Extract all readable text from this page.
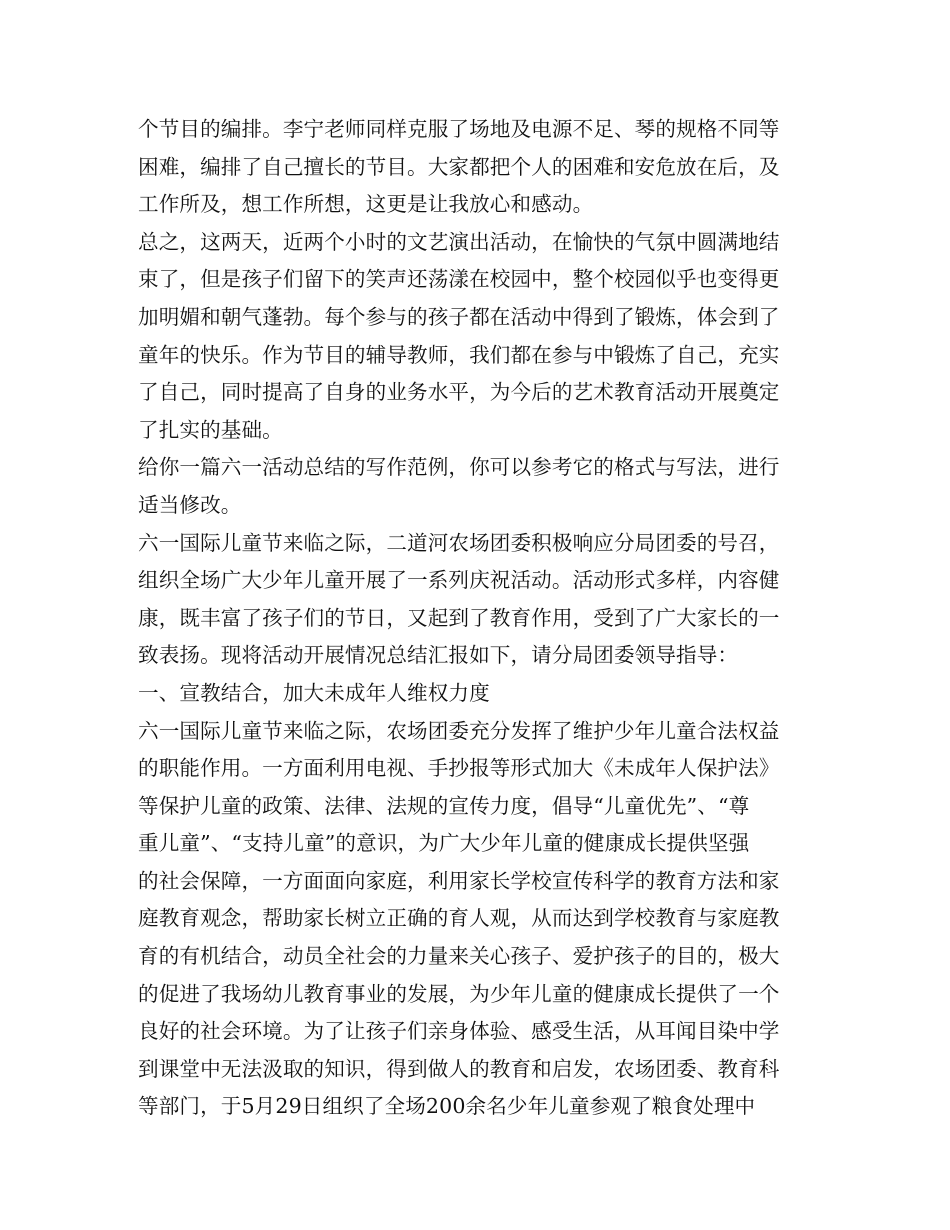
个节目的编排。李宁老师同样克服了场地及电源不足、琴的规格不同等
困难，编排了自己擅长的节目。大家都把个人的困难和安危放在后，及
工作所及，想工作所想，这更是让我放心和感动。
总之，这两天，近两个小时的文艺演出活动，在愉快的气氛中圆满地结
束了，但是孩子们留下的笑声还荡漾在校园中，整个校园似乎也变得更
加明媚和朝气蓬勃。每个参与的孩子都在活动中得到了锻炼，体会到了
童年的快乐。作为节目的辅导教师，我们都在参与中锻炼了自己，充实
了自己，同时提高了自身的业务水平，为今后的艺术教育活动开展奠定
了扎实的基础。
给你一篇六一活动总结的写作范例，你可以参考它的格式与写法，进行
适当修改。
六一国际儿童节来临之际，二道河农场团委积极响应分局团委的号召，
组织全场广大少年儿童开展了一系列庆祝活动。活动形式多样，内容健
康，既丰富了孩子们的节日，又起到了教育作用，受到了广大家长的一
致表扬。现将活动开展情况总结汇报如下，请分局团委领导指导：
一、宣教结合，加大未成年人维权力度
六一国际儿童节来临之际，农场团委充分发挥了维护少年儿童合法权益
的职能作用。一方面利用电视、手抄报等形式加大《未成年人保护法》
等保护儿童的政策、法律、法规的宣传力度，倡导“儿童优先”、“尊
重儿童”、“支持儿童”的意识，为广大少年儿童的健康成长提供坚强
的社会保障，一方面面向家庭，利用家长学校宣传科学的教育方法和家
庭教育观念，帮助家长树立正确的育人观，从而达到学校教育与家庭教
育的有机结合，动员全社会的力量来关心孩子、爱护孩子的目的，极大
的促进了我场幼儿教育事业的发展，为少年儿童的健康成长提供了一个
良好的社会环境。为了让孩子们亲身体验、感受生活，从耳闻目染中学
到课堂中无法汲取的知识，得到做人的教育和启发，农场团委、教育科
等部门，于5月29日组织了全场200余名少年儿童参观了粮食处理中
